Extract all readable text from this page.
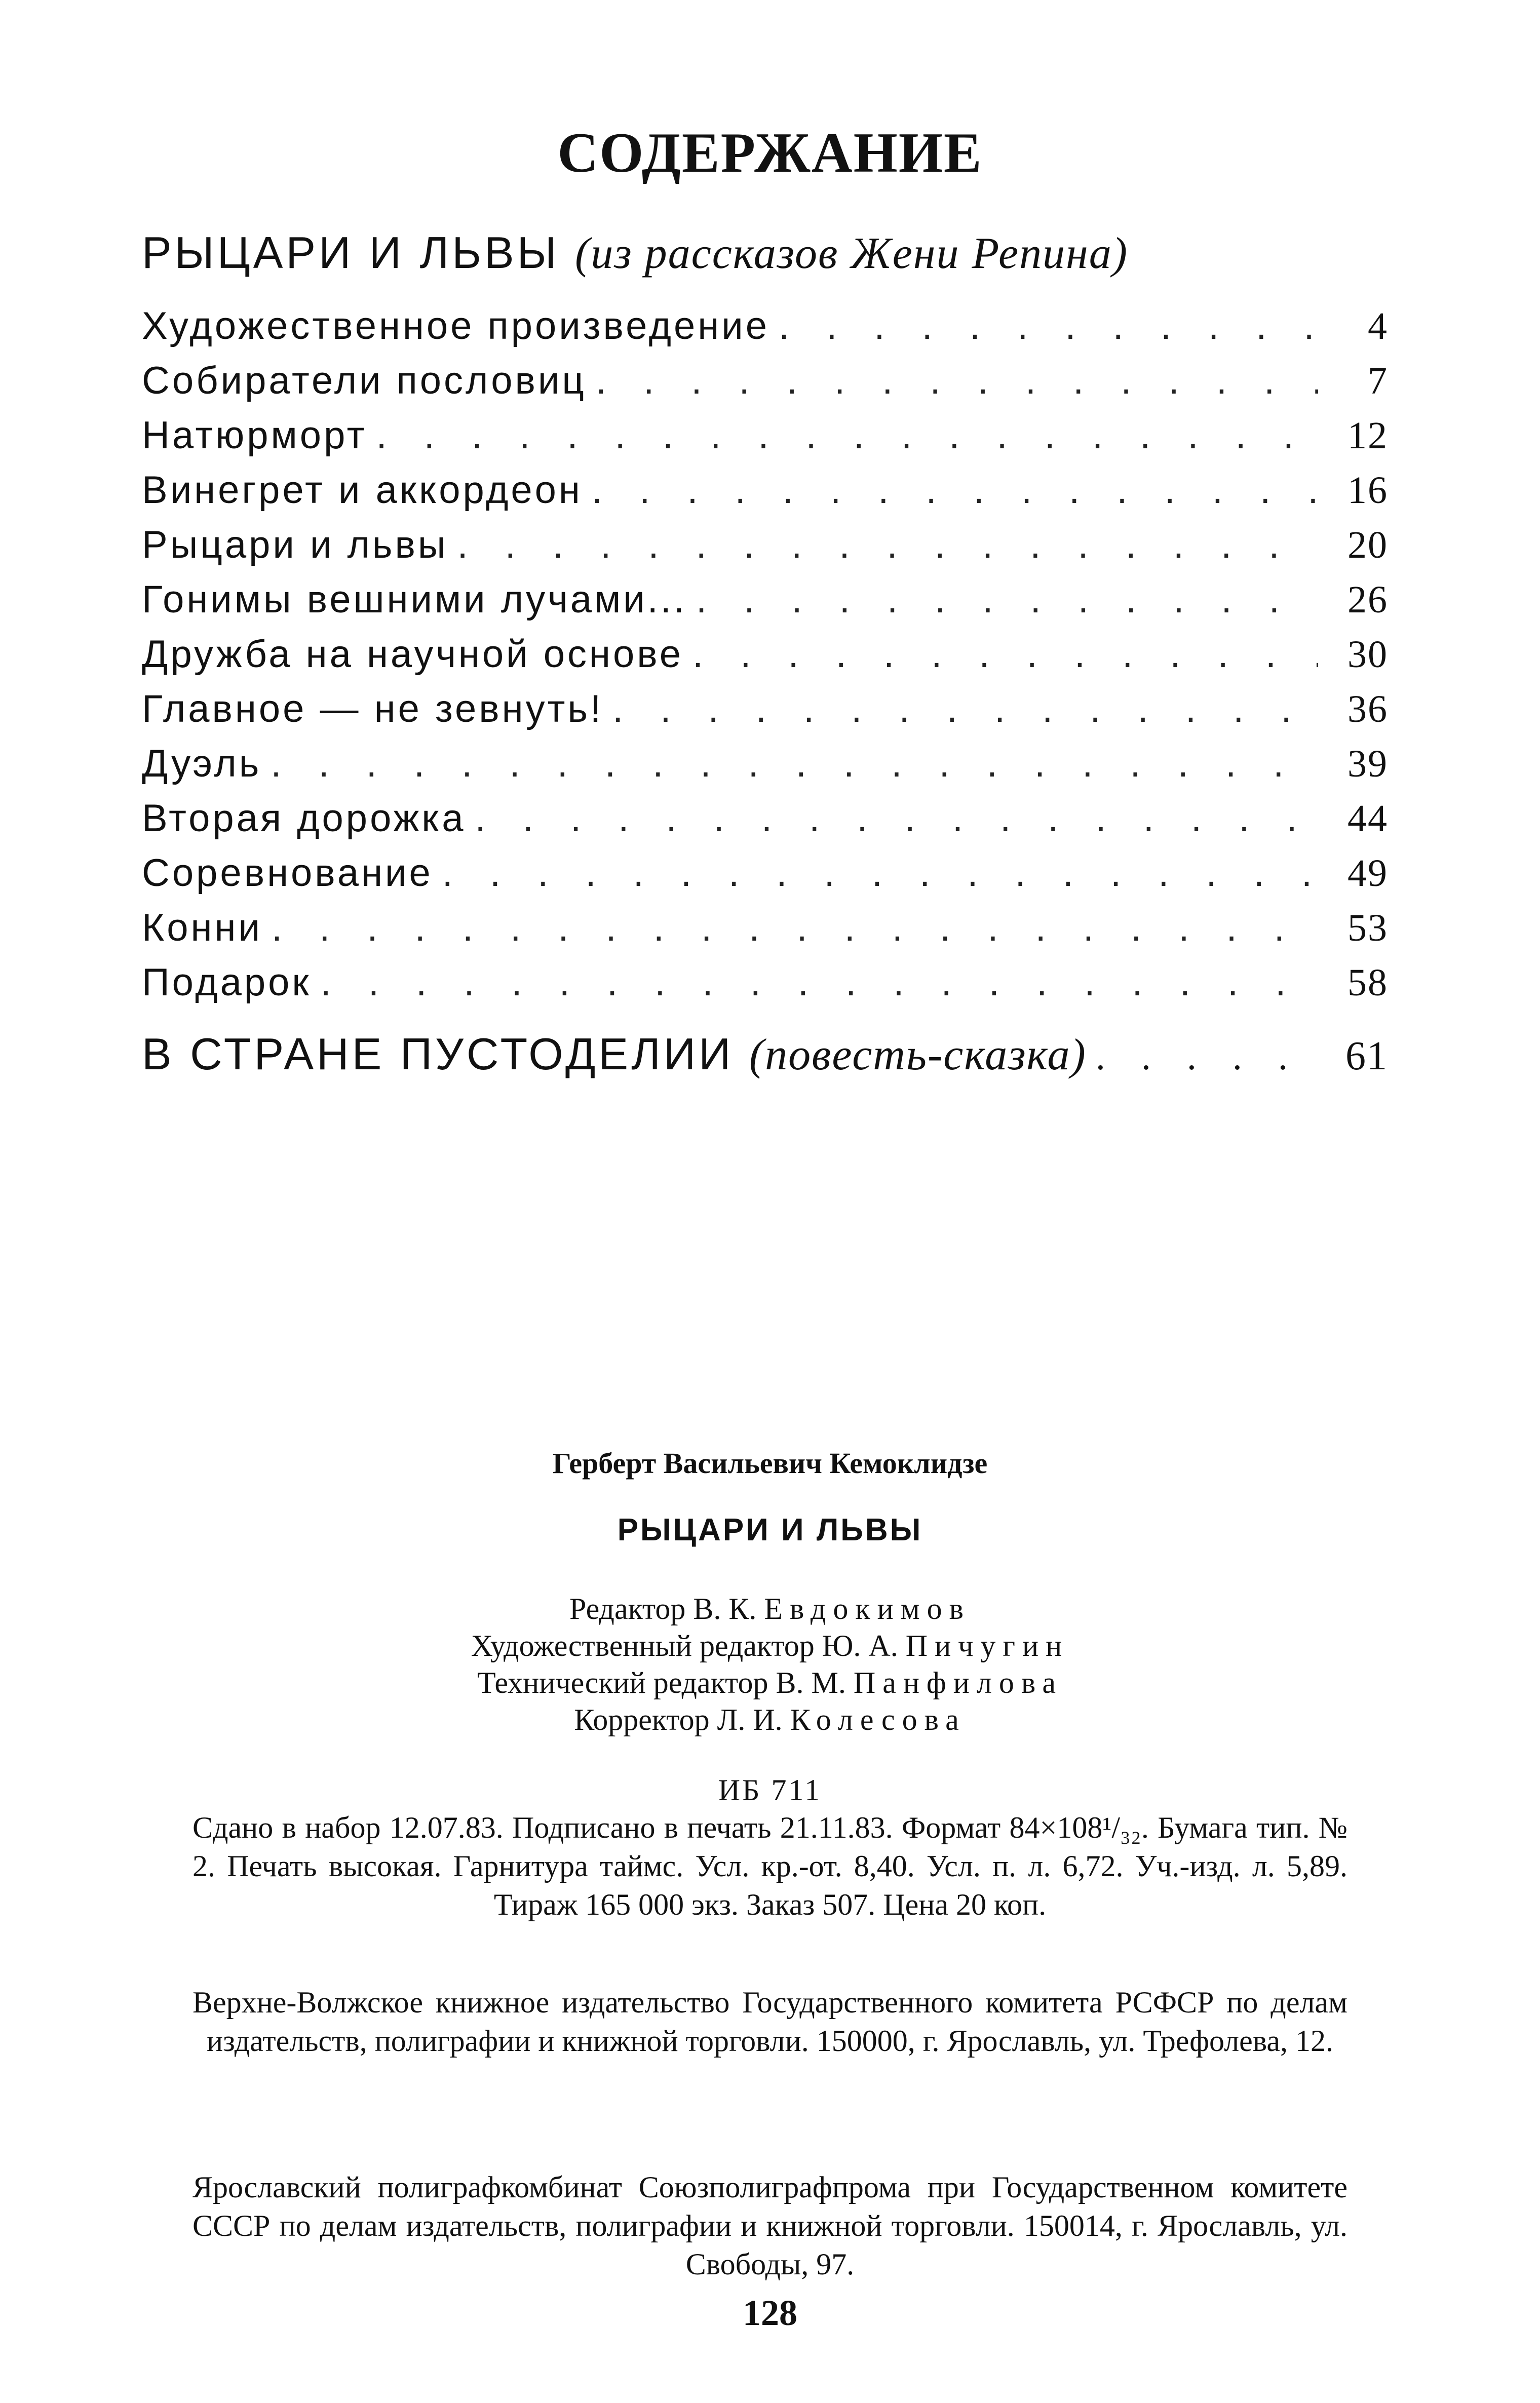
СОДЕРЖАНИЕ
РЫЦАРИ И ЛЬВЫ (из рассказов Жени Репина)
Художественное произведение . . .	4
Собиратели пословиц . . .	7
Натюрморт . . .	12
Винегрет и аккордеон . . .	16
Рыцари и львы . . .	20
Гонимы вешними лучами... . . .	26
Дружба на научной основе . . .	30
Главное — не зевнуть! . . .	36
Дуэль . . .	39
Вторая дорожка . . .	44
Соревнование . . .	49
Конни . . .	53
Подарок . . .	58
В СТРАНЕ ПУСТОДЕЛИИ (повесть-сказка) . . .	61
Герберт Васильевич Кемоклидзе
РЫЦАРИ И ЛЬВЫ
Редактор В. К. Евдокимов
Художественный редактор Ю. А. Пичугин
Технический редактор В. М. Панфилова
Корректор Л. И. Колесова
ИБ 711
Сдано в набор 12.07.83. Подписано в печать 21.11.83. Формат 84×108¹/₃₂. Бумага тип. № 2. Печать высокая. Гарнитура таймс. Усл. кр.-от. 8,40. Усл. п. л. 6,72. Уч.-изд. л. 5,89. Тираж 165 000 экз. Заказ 507. Цена 20 коп.
Верхне-Волжское книжное издательство Государственного комитета РСФСР по делам издательств, полиграфии и книжной торговли. 150000, г. Ярославль, ул. Трефолева, 12.
Ярославский полиграфкомбинат Союзполиграфпрома при Государственном комитете СССР по делам издательств, полиграфии и книжной торговли. 150014, г. Ярославль, ул. Свободы, 97.
128
